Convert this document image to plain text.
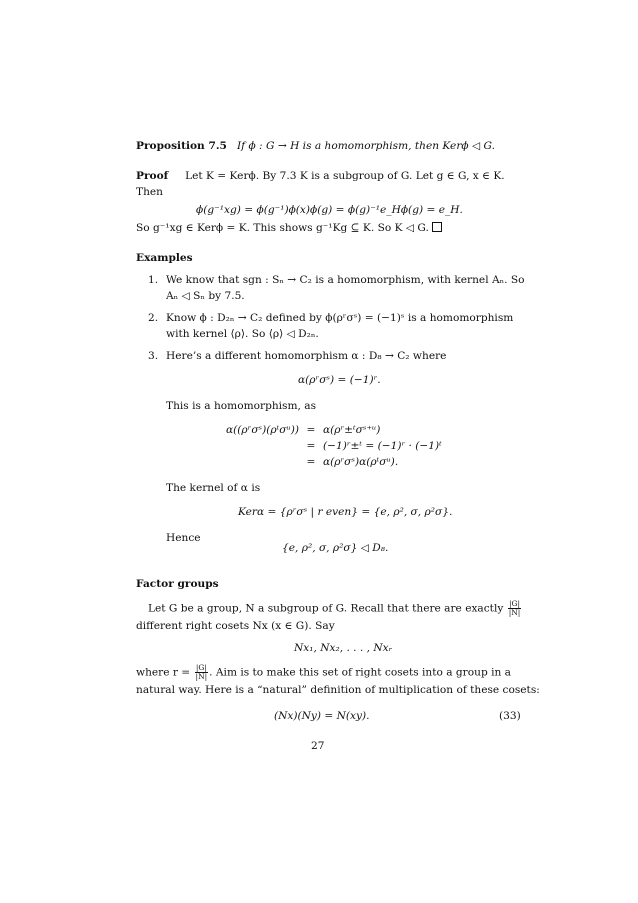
Proposition 7.5 If ϕ : G → H is a homomorphism, then Kerϕ ◁ G.
Proof Let K = Kerϕ. By 7.3 K is a subgroup of G. Let g ∈ G, x ∈ K.
Then
ϕ(g⁻¹xg) = ϕ(g⁻¹)ϕ(x)ϕ(g) = ϕ(g)⁻¹e_Hϕ(g) = e_H.
So g⁻¹xg ∈ Kerϕ = K. This shows g⁻¹Kg ⊆ K. So K ◁ G.
Examples
1. We know that sgn : Sₙ → C₂ is a homomorphism, with kernel Aₙ. So
Aₙ ◁ Sₙ by 7.5.
2. Know ϕ : D₂ₙ → C₂ defined by ϕ(ρʳσˢ) = (−1)ˢ is a homomorphism
with kernel ⟨ρ⟩. So ⟨ρ⟩ ◁ D₂ₙ.
3. Here’s a different homomorphism α : D₈ → C₂ where
α(ρʳσˢ) = (−1)ʳ.
This is a homomorphism, as
α((ρʳσˢ)(ρᵗσᵘ)) = α(ρʳ±ᵗσˢ⁺ᵘ)
= (−1)ʳ±ᵗ = (−1)ʳ · (−1)ᵗ
= α(ρʳσˢ)α(ρᵗσᵘ).
The kernel of α is
Kerα = {ρʳσˢ | r even} = {e, ρ², σ, ρ²σ}.
Hence
{e, ρ², σ, ρ²σ} ◁ D₈.
Factor groups
Let G be a group, N a subgroup of G. Recall that there are exactly $\frac{|G|}{|N|}$
different right cosets Nx (x ∈ G). Say
Nx₁, Nx₂, . . . , Nxᵣ
where $r = \frac{|G|}{|N|}$ . Aim is to make this set of right cosets into a group in a
natural way. Here is a “natural” definition of multiplication of these cosets:
(Nx)(Ny) = N(xy).	(33)
27
